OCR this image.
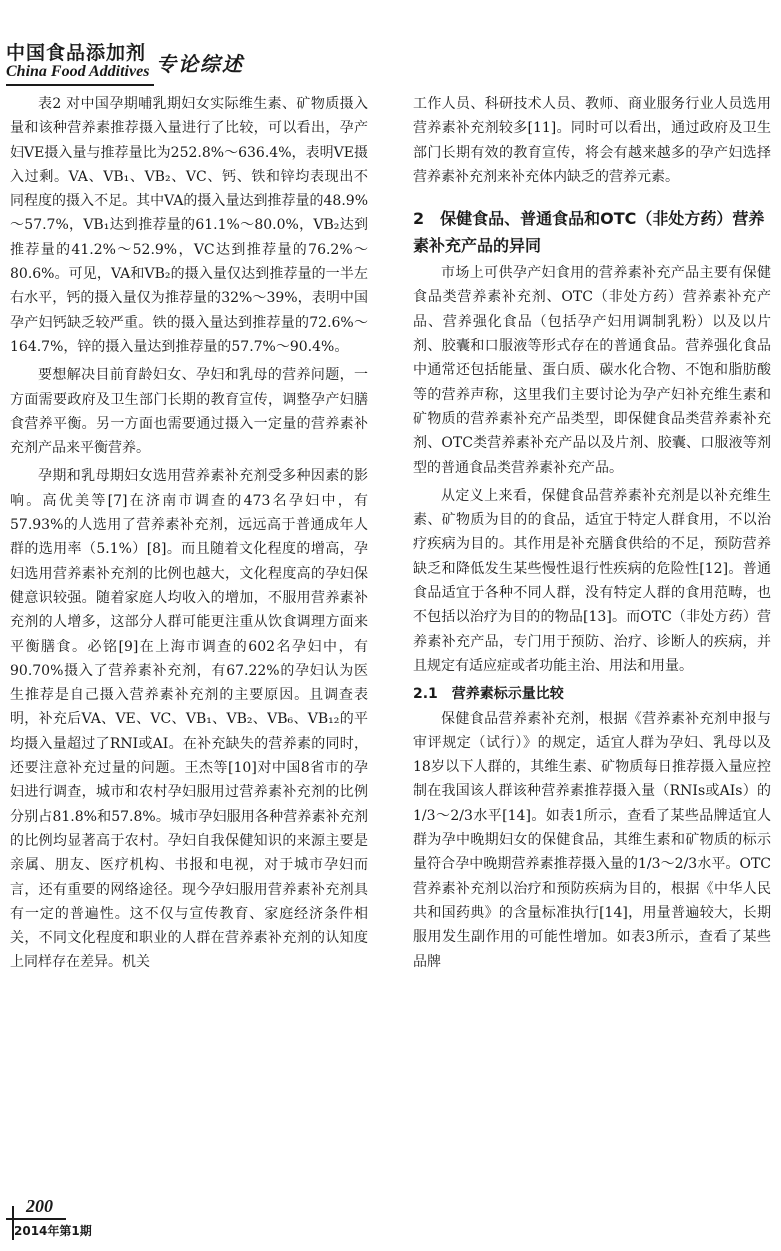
中国食品添加剂
China Food Additives 专论综述

表2 对中国孕期哺乳期妇女实际维生素、矿物质摄入量和该种营养素推荐摄入量进行了比较，可以看出，孕产妇VE摄入量与推荐量比为252.8%～636.4%，表明VE摄入过剩。VA、VB₁、VB₂、VC、钙、铁和锌均表现出不同程度的摄入不足。其中VA的摄入量达到推荐量的48.9%～57.7%，VB₁达到推荐量的61.1%～80.0%，VB₂达到推荐量的41.2%～52.9%，VC达到推荐量的76.2%～80.6%。可见，VA和VB₂的摄入量仅达到推荐量的一半左右水平，钙的摄入量仅为推荐量的32%～39%，表明中国孕产妇钙缺乏较严重。铁的摄入量达到推荐量的72.6%～164.7%，锌的摄入量达到推荐量的57.7%～90.4%。

要想解决目前育龄妇女、孕妇和乳母的营养问题，一方面需要政府及卫生部门长期的教育宣传，调整孕产妇膳食营养平衡。另一方面也需要通过摄入一定量的营养素补充剂产品来平衡营养。

孕期和乳母期妇女选用营养素补充剂受多种因素的影响。高优美等[7]在济南市调查的473名孕妇中，有57.93%的人选用了营养素补充剂，远远高于普通成年人群的选用率（5.1%）[8]。而且随着文化程度的增高，孕妇选用营养素补充剂的比例也越大，文化程度高的孕妇保健意识较强。随着家庭人均收入的增加，不服用营养素补充剂的人增多，这部分人群可能更注重从饮食调理方面来平衡膳食。必铭[9]在上海市调查的602名孕妇中，有90.70%摄入了营养素补充剂，有67.22%的孕妇认为医生推荐是自己摄入营养素补充剂的主要原因。且调查表明，补充后VA、VE、VC、VB₁、VB₂、VB₆、VB₁₂的平均摄入量超过了RNI或AI。在补充缺失的营养素的同时，还要注意补充过量的问题。王杰等[10]对中国8省市的孕妇进行调查，城市和农村孕妇服用过营养素补充剂的比例分别占81.8%和57.8%。城市孕妇服用各种营养素补充剂的比例均显著高于农村。孕妇自我保健知识的来源主要是亲属、朋友、医疗机构、书报和电视，对于城市孕妇而言，还有重要的网络途径。现今孕妇服用营养素补充剂具有一定的普遍性。这不仅与宣传教育、家庭经济条件相关，不同文化程度和职业的人群在营养素补充剂的认知度上同样存在差异。机关

工作人员、科研技术人员、教师、商业服务行业人员选用营养素补充剂较多[11]。同时可以看出，通过政府及卫生部门长期有效的教育宣传，将会有越来越多的孕产妇选择营养素补充剂来补充体内缺乏的营养元素。

2　保健食品、普通食品和OTC（非处方药）营养素补充产品的异同

市场上可供孕产妇食用的营养素补充产品主要有保健食品类营养素补充剂、OTC（非处方药）营养素补充产品、营养强化食品（包括孕产妇用调制乳粉）以及以片剂、胶囊和口服液等形式存在的普通食品。营养强化食品中通常还包括能量、蛋白质、碳水化合物、不饱和脂肪酸等的营养声称，这里我们主要讨论为孕产妇补充维生素和矿物质的营养素补充产品类型，即保健食品类营养素补充剂、OTC类营养素补充产品以及片剂、胶囊、口服液等剂型的普通食品类营养素补充产品。

从定义上来看，保健食品营养素补充剂是以补充维生素、矿物质为目的的食品，适宜于特定人群食用，不以治疗疾病为目的。其作用是补充膳食供给的不足，预防营养缺乏和降低发生某些慢性退行性疾病的危险性[12]。普通食品适宜于各种不同人群，没有特定人群的食用范畴，也不包括以治疗为目的的物品[13]。而OTC（非处方药）营养素补充产品，专门用于预防、治疗、诊断人的疾病，并且规定有适应症或者功能主治、用法和用量。

2.1　营养素标示量比较

保健食品营养素补充剂，根据《营养素补充剂申报与审评规定（试行）》的规定，适宜人群为孕妇、乳母以及18岁以下人群的，其维生素、矿物质每日推荐摄入量应控制在我国该人群该种营养素推荐摄入量（RNIs或AIs）的1/3～2/3水平[14]。如表1所示，查看了某些品牌适宜人群为孕中晚期妇女的保健食品，其维生素和矿物质的标示量符合孕中晚期营养素推荐摄入量的1/3～2/3水平。OTC营养素补充剂以治疗和预防疾病为目的，根据《中华人民共和国药典》的含量标准执行[14]，用量普遍较大，长期服用发生副作用的可能性增加。如表3所示，查看了某些品牌

200
2014年第1期
